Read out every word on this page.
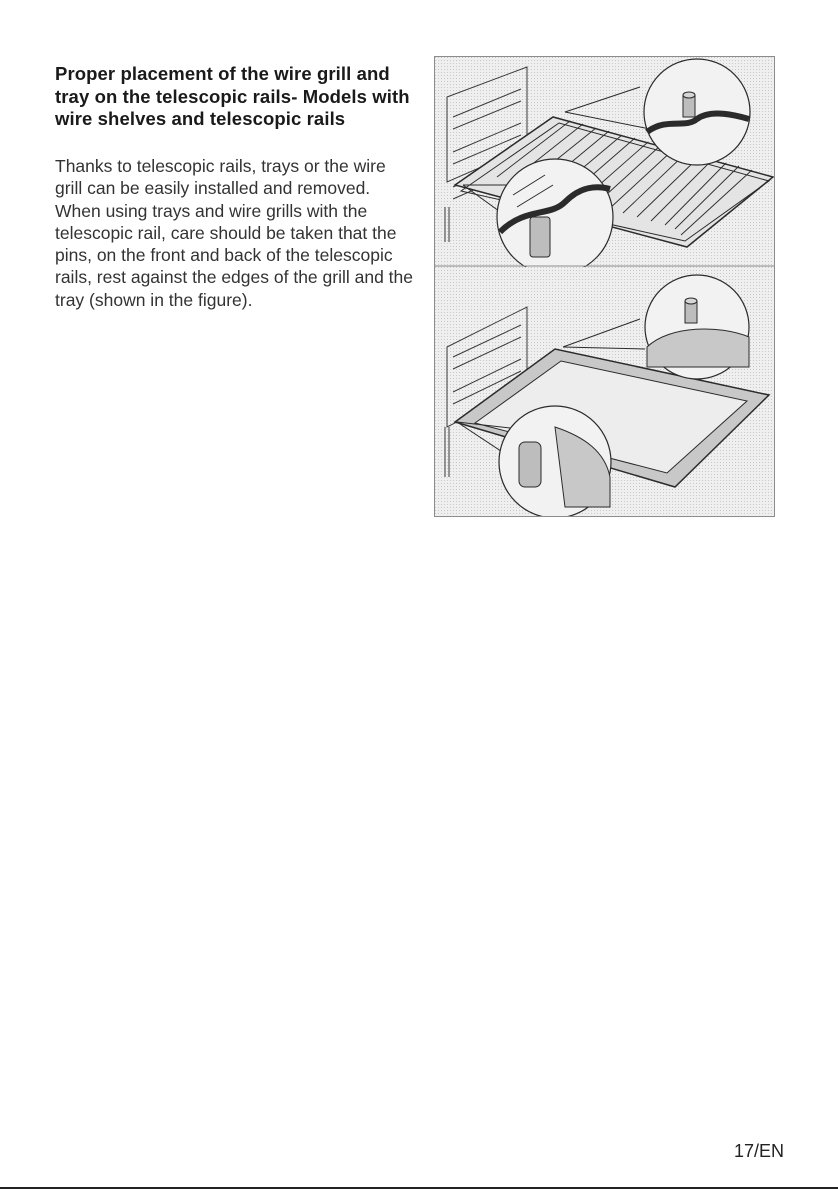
Proper placement of the wire grill and tray on the telescopic rails- Models with wire shelves and telescopic rails

Thanks to telescopic rails, trays or the wire grill can be easily installed and removed. When using trays and wire grills with the telescopic rail, care should be taken that the pins, on the front and back of the telescopic rails, rest against the edges of the grill and the tray (shown in the figure).

17/EN
